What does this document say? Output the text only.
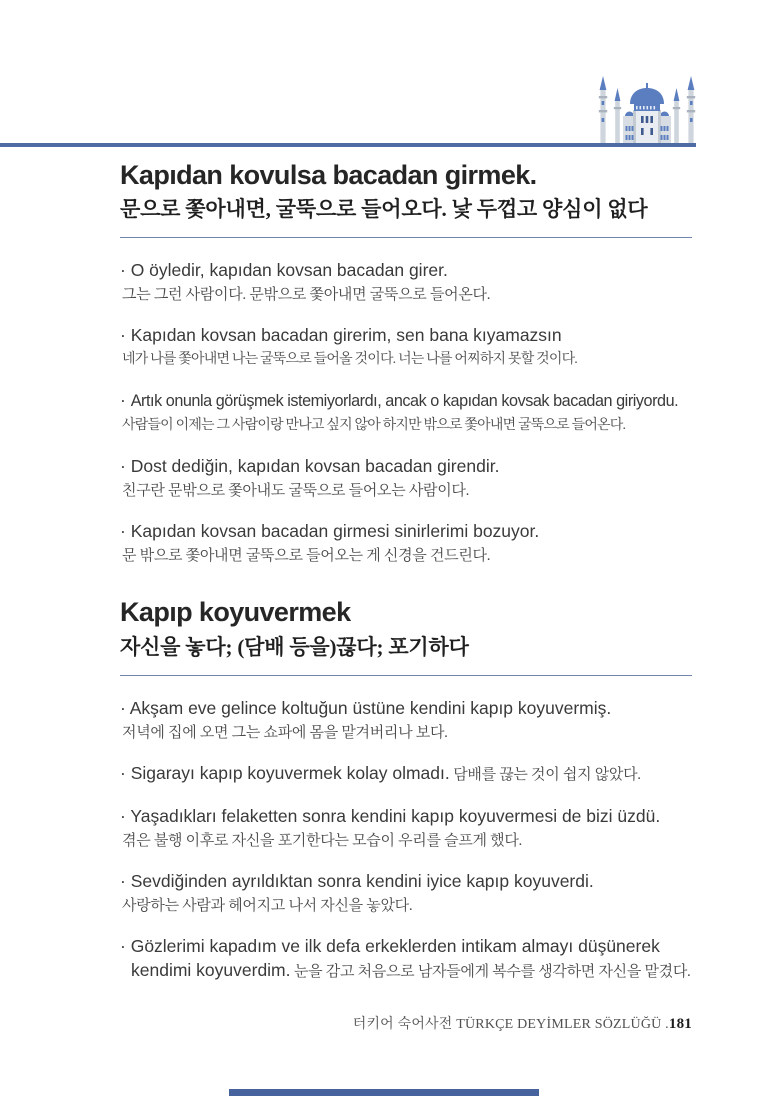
Kapıdan kovulsa bacadan girmek.
문으로 쫓아내면, 굴뚝으로 들어오다. 낯 두껍고 양심이 없다

· O öyledir, kapıdan kovsan bacadan girer.

그는 그런 사람이다. 문밖으로 쫓아내면 굴뚝으로 들어온다.

· Kapıdan kovsan bacadan girerim, sen bana kıyamazsın

네가 나를 쫓아내면 나는 굴뚝으로 들어올 것이다. 너는 나를 어찌하지 못할 것이다.

· Artık onunla görüşmek istemiyorlardı, ancak o kapıdan kovsak bacadan giriyordu.

사람들이 이제는 그 사람이랑 만나고 싶지 않아 하지만 밖으로 쫓아내면 굴뚝으로 들어온다.

· Dost dediğin, kapıdan kovsan bacadan girendir.

친구란 문밖으로 쫓아내도 굴뚝으로 들어오는 사람이다.

· Kapıdan kovsan bacadan girmesi sinirlerimi bozuyor.

문 밖으로 쫓아내면 굴뚝으로 들어오는 게 신경을 건드린다.

Kapıp koyuvermek
자신을 놓다; (담배 등을)끊다; 포기하다

· Akşam eve gelince koltuğun üstüne kendini kapıp koyuvermiş.

저녁에 집에 오면 그는 쇼파에 몸을 맡겨버리나 보다.

· Sigarayı kapıp koyuvermek kolay olmadı. 담배를 끊는 것이 쉽지 않았다.

· Yaşadıkları felaketten sonra kendini kapıp koyuvermesi de bizi üzdü.

겪은 불행 이후로 자신을 포기한다는 모습이 우리를 슬프게 했다.

· Sevdiğinden ayrıldıktan sonra kendini iyice kapıp koyuverdi.

사랑하는 사람과 헤어지고 나서 자신을 놓았다.

· Gözlerimi kapadım ve ilk defa erkeklerden intikam almayı düşünerek kendimi koyuverdim. 눈을 감고 처음으로 남자들에게 복수를 생각하면 자신을 맡겼다.

터키어 숙어사전 TÜRKÇE DEYİMLER SÖZLÜĞÜ .181
